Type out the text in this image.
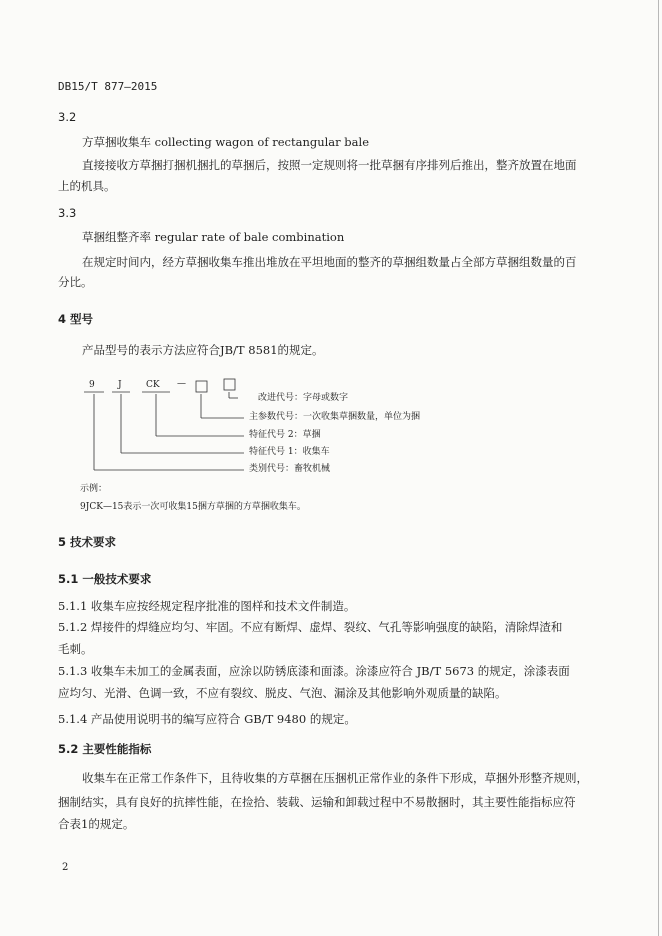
DB15/T 877—2015
3.2
方草捆收集车 collecting wagon of rectangular bale
直接接收方草捆打捆机捆扎的草捆后，按照一定规则将一批草捆有序排列后推出，整齐放置在地面
上的机具。
3.3
草捆组整齐率 regular rate of bale combination
在规定时间内，经方草捆收集车推出堆放在平坦地面的整齐的草捆组数量占全部方草捆组数量的百
分比。
4 型号
产品型号的表示方法应符合JB/T 8581的规定。
9	J	CK —
改进代号：字母或数字
主参数代号：一次收集草捆数量，单位为捆
特征代号 2：草捆
特征代号 1：收集车
类别代号：畜牧机械
示例：
9JCK—15表示一次可收集15捆方草捆的方草捆收集车。
5 技术要求
5.1 一般技术要求
5.1.1 收集车应按经规定程序批准的图样和技术文件制造。
5.1.2 焊接件的焊缝应均匀、牢固。不应有断焊、虚焊、裂纹、气孔等影响强度的缺陷，清除焊渣和
毛刺。
5.1.3 收集车未加工的金属表面，应涂以防锈底漆和面漆。涂漆应符合 JB/T 5673 的规定，涂漆表面
应均匀、光滑、色调一致，不应有裂纹、脱皮、气泡、漏涂及其他影响外观质量的缺陷。
5.1.4 产品使用说明书的编写应符合 GB/T 9480 的规定。
5.2 主要性能指标
收集车在正常工作条件下，且待收集的方草捆在压捆机正常作业的条件下形成，草捆外形整齐规则，
捆制结实，具有良好的抗摔性能，在捡拾、装载、运输和卸载过程中不易散捆时，其主要性能指标应符
合表1的规定。
2
